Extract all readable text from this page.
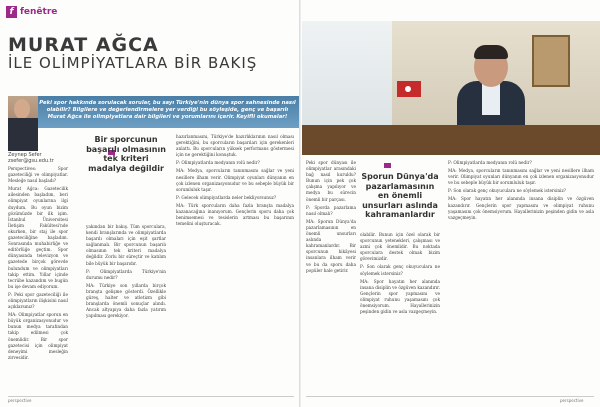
f fenêtre
MURAT AĞCA
İLE OLİMPİYATLARA BİR BAKIŞ
Peki spor hakkında sorulacak sorular, bu sayı Türkiye'nin dünya spor sahnesinde nasıl olabilir? Bilgilere ve değerlendirmelere yer verdiği bu söyleşide, genç ve başarılı Murat Ağca ile olimpiyatlara dair bilgileri ve yorumlarını içerir. Keyifli okumalar!
Zeynep Sefer
zsefer@gsu.edu.tr

Perspectives: Spor gazeteciliği ve olimpiyatlar. Mesleğe nasıl başladı?

Murat Ağca: Gazetecilik ailesinden başladım, beri olimpiyat oyunlarına ilgi duydum. Bu oyun bizim gözümüzde bir ilk işim. İstanbul Üniversitesi İletişim Fakültesi'nde okurken, bir staj ile spor gazeteciliğine başladım. Sonrasında muhabirliğe ve editörlüğe geçtim. Spor dünyasında televizyon ve gazetede birçok görevde bulundum ve olimpiyatları takip ettim. Yıllar içinde tecrübe kazandım ve bugün bu işe devam ediyorum.

P: Peki spor gazeteciliği ile olimpiyatların ilişkisini nasıl açıklarsınız?

MA: Olimpiyatlar sporun en büyük organizasyonudur ve bunun medya tarafından takip edilmesi çok önemlidir. Bir spor gazetecisi için olimpiyat deneyimi mesleğin zirvesidir.

Bir sporcunun başarılı olmasının tek kriteri madalya değildir

yakından bir bakış. Tüm sporculara, kendi branşlarında ve olimpiyatlarda başarılı olmaları için eşit şartlar sağlanmalı. Bir sporcunun başarılı olmasının tek kriteri madalya değildir. Zorlu bir süreçtir ve katılım bile büyük bir başarıdır.

P: Olimpiyatlarda Türkiye'nin durumu nedir?

MA: Türkiye son yıllarda birçok branşta gelişme gösterdi. Özellikle güreş, halter ve atletizm gibi branşlarda önemli sonuçlar alındı. Ancak altyapıya daha fazla yatırım yapılması gerekiyor.

hazırlanmasını, Türkiye'de hazırlıklarının nasıl olması gerektiğini, bu sporcuların başarıları için gerekenleri anlattı. Bu sporcuların yüksek performans göstermesi için ne gerektiğini konuştuk.

P: Olimpiyatlarda medyanın rolü nedir?

MA: Medya, sporcuların tanınmasını sağlar ve yeni nesillere ilham verir. Olimpiyat oyunları dünyanın en çok izlenen organizasyonudur ve bu sebeple büyük bir sorumluluk taşır.

P: Gelecek olimpiyatlarda neler bekliyorsunuz?

MA: Türk sporcuların daha fazla branşta madalya kazanacağına inanıyorum. Gençlerin sporu daha çok benimsemesi ve tesislerin artması bu başarının temelini oluşturacak.

Peki spor dünyası ile olimpiyatlar arasındaki bağ nasıl kuruldu? Bunun için pek çok çalışma yapılıyor ve medya bu sürecin önemli bir parçası.

P: Sporda pazarlama nasıl olmalı?

MA: Sporun Dünya'da pazarlamasının en önemli unsurları aslında kahramanlardır. Bir sporcunun hikâyesi insanlara ilham verir ve bu da sporu daha popüler hale getirir.

Sporun Dünya'da pazarlamasının en önemli unsurları aslında kahramanlardır

olabilir. Bunun için özel olarak bir sporcunun yetenekleri, çalışması ve azmi çok önemlidir. Bu noktada sporculara destek olmak bizim görevimizdir.

P: Son olarak genç okuyuculara ne söylemek istersiniz?

MA: Spor hayatın her alanında insana disiplin ve özgüven kazandırır. Gençlerin spor yapmasını ve olimpiyat ruhunu yaşamasını çok önemsiyorum. Hayallerinizin peşinden gidin ve asla vazgeçmeyin.

P: Olimpiyatlarda medyanın rolü nedir?

MA: Medya, sporcuların tanınmasını sağlar ve yeni nesillere ilham verir. Olimpiyat oyunları dünyanın en çok izlenen organizasyonudur ve bu sebeple büyük bir sorumluluk taşır.

P: Son olarak genç okuyuculara ne söylemek istersiniz?

MA: Spor hayatın her alanında insana disiplin ve özgüven kazandırır. Gençlerin spor yapmasını ve olimpiyat ruhunu yaşamasını çok önemsiyorum. Hayallerinizin peşinden gidin ve asla vazgeçmeyin.

perspective	perspective
